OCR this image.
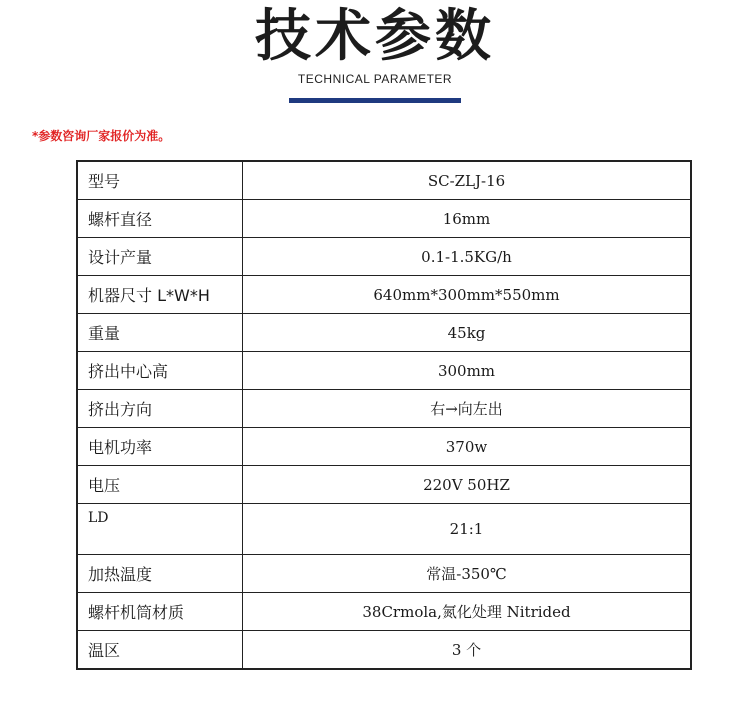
技术参数
TECHNICAL PARAMETER
*参数咨询厂家报价为准。
型号	SC-ZLJ-16
螺杆直径	16mm
设计产量	0.1-1.5KG/h
机器尺寸 L*W*H	640mm*300mm*550mm
重量	45kg
挤出中心高	300mm
挤出方向	右→向左出
电机功率	370w
电压	220V 50HZ
LD	21:1
加热温度	常温-350℃
螺杆机筒材质	38Crmola,氮化处理 Nitrided
温区	3 个
